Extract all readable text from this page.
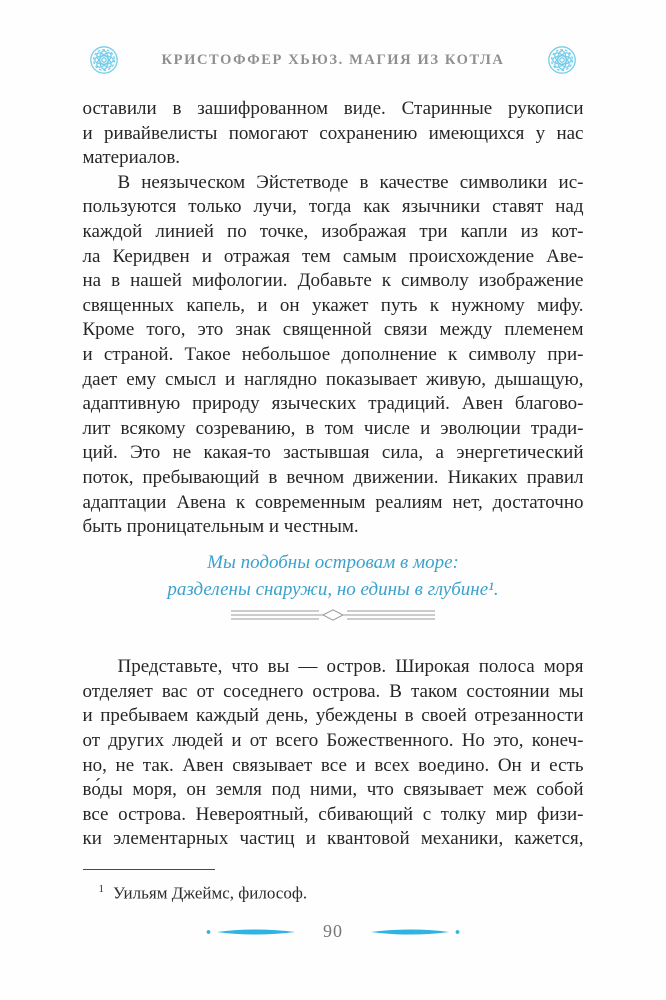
КРИСТОФФЕР ХЬЮЗ. МАГИЯ ИЗ КОТЛА
оставили в зашифрованном виде. Старинные рукописи
и ривайвелисты помогают сохранению имеющихся у нас
материалов.
В неязыческом Эйстетводе в качестве символики ис-
пользуются только лучи, тогда как язычники ставят над
каждой линией по точке, изображая три капли из кот-
ла Керидвен и отражая тем самым происхождение Аве-
на в нашей мифологии. Добавьте к символу изображение
священных капель, и он укажет путь к нужному мифу.
Кроме того, это знак священной связи между племенем
и страной. Такое небольшое дополнение к символу при-
дает ему смысл и наглядно показывает живую, дышащую,
адаптивную природу языческих традиций. Авен благово-
лит всякому созреванию, в том числе и эволюции тради-
ций. Это не какая-то застывшая сила, а энергетический
поток, пребывающий в вечном движении. Никаких правил
адаптации Авена к современным реалиям нет, достаточно
быть проницательным и честным.
Мы подобны островам в море:
разделены снаружи, но едины в глубине¹.
Представьте, что вы — остров. Широкая полоса моря
отделяет вас от соседнего острова. В таком состоянии мы
и пребываем каждый день, убеждены в своей отрезанности
от других людей и от всего Божественного. Но это, конеч-
но, не так. Авен связывает все и всех воедино. Он и есть
во́ды моря, он земля под ними, что связывает меж собой
все острова. Невероятный, сбивающий с толку мир физи-
ки элементарных частиц и квантовой механики, кажется,
$^1$ Уильям Джеймс, философ.
90
